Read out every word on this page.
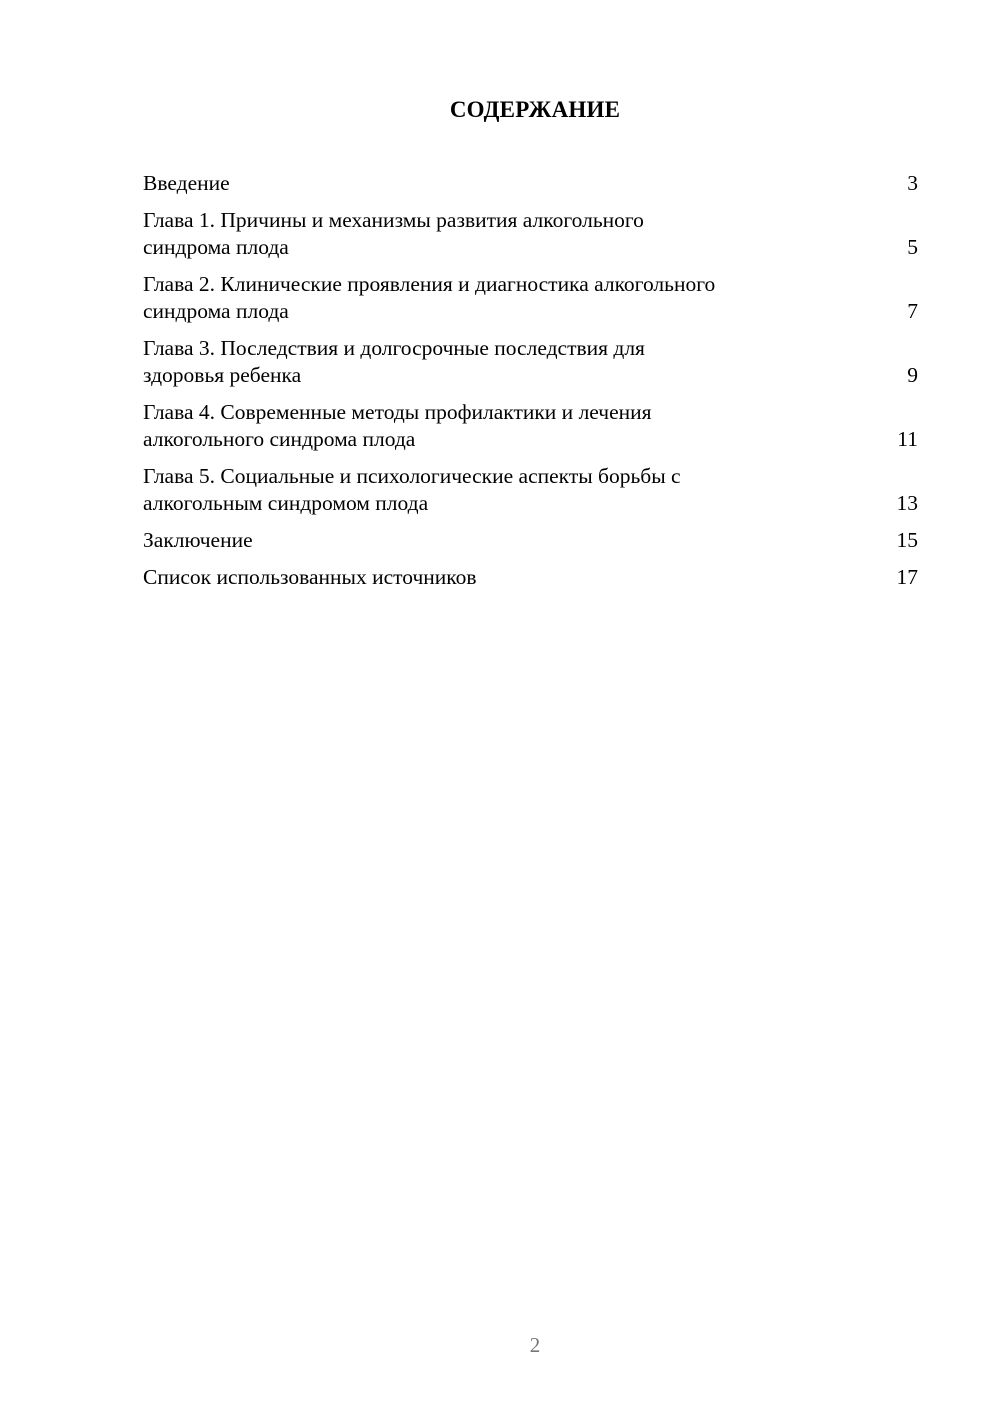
СОДЕРЖАНИЕ
Введение	3
Глава 1. Причины и механизмы развития алкогольного
синдрома плода	5
Глава 2. Клинические проявления и диагностика алкогольного
синдрома плода	7
Глава 3. Последствия и долгосрочные последствия для
здоровья ребенка	9
Глава 4. Современные методы профилактики и лечения
алкогольного синдрома плода	11
Глава 5. Социальные и психологические аспекты борьбы с
алкогольным синдромом плода	13
Заключение	15
Список использованных источников	17
2
